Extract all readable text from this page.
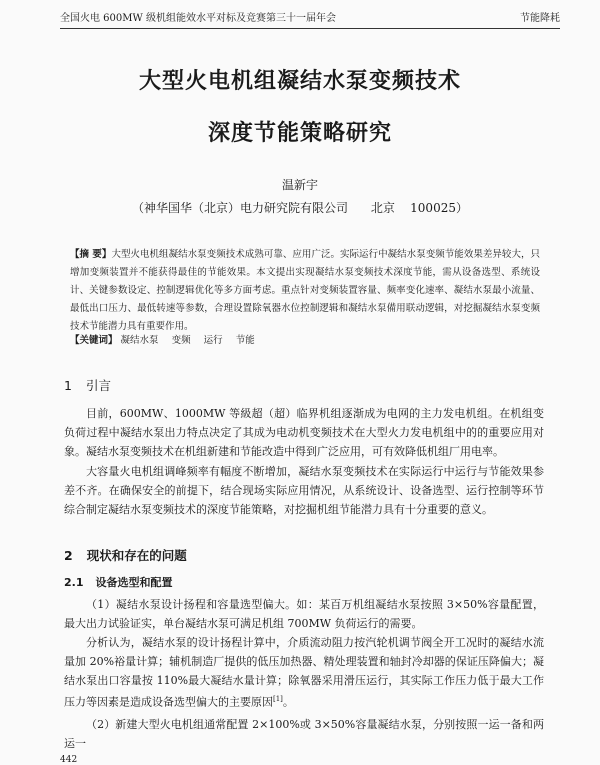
全国火电 600MW 级机组能效水平对标及竞赛第三十一届年会	节能降耗
大型火电机组凝结水泵变频技术
深度节能策略研究
温新宇
（神华国华（北京）电力研究院有限公司      北京    100025）
【摘 要】大型火电机组凝结水泵变频技术成熟可靠、应用广泛。实际运行中凝结水泵变频节能效果差异较大，只增加变频装置并不能获得最佳的节能效果。本文提出实现凝结水泵变频技术深度节能，需从设备选型、系统设计、关键参数设定、控制逻辑优化等多方面考虑。重点针对变频装置容量、频率变化速率、凝结水泵最小流量、最低出口压力、最低转速等参数，合理设置除氧器水位控制逻辑和凝结水泵備用联动逻辑，对挖掘凝结水泵变频技术节能潜力具有重要作用。
【关键词】 凝结水泵 变频 运行 节能
1 引言
目前，600MW、1000MW 等級超（超）临界机组逐渐成为电网的主力发电机组。在机组变负荷过程中凝结水泵出力特点决定了其成为电动机变频技术在大型火力发电机组中的的重要应用对象。凝结水泵变频技术在机组新建和节能改造中得到广泛应用，可有效降低机组厂用电率。
大容量火电机组调峰频率有幅度不断增加，凝结水泵变频技术在实际运行中运行与节能效果参差不齐。在确保安全的前提下，结合现场实际应用情况，从系统设计、设备选型、运行控制等环节综合制定凝结水泵变频技术的深度节能策略，对挖掘机组节能潜力具有十分重要的意义。
2 现状和存在的问题
2.1 设备选型和配置
（1）凝结水泵设计扬程和容量选型偏大。如：某百万机组凝结水泵按照 3×50%容量配置，最大出力试验证实，单台凝结水泵可满足机组 700MW 负荷运行的需要。
分析认为，凝结水泵的设计扬程计算中，介质流动阻力按汽轮机调节阀全开工况时的凝结水流量加 20%裕量计算；辅机制造厂提供的低压加热器、精处理装置和轴封冷却器的保证压降偏大；凝结水泵出口容量按 110%最大凝结水量计算；除氧器采用滑压运行，其实际工作压力低于最大工作压力等因素是造成设备选型偏大的主要原因[1]。
（2）新建大型火电机组通常配置 2×100%或 3×50%容量凝结水泵，分别按照一运一备和两运一
442
